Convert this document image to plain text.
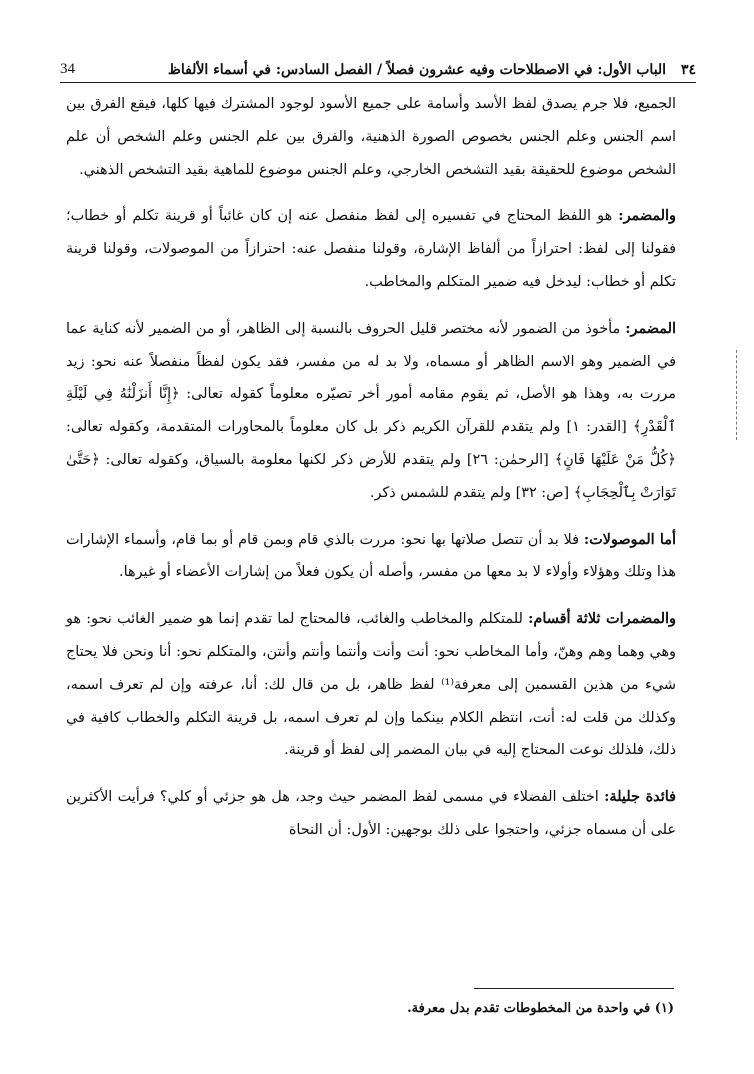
34	٣٤ الباب الأول: في الاصطلاحات وفيه عشرون فصلاً / الفصل السادس: في أسماء الألفاظ

الجميع، فلا جرم يصدق لفظ الأسد وأسامة على جميع الأسود لوجود المشترك فيها كلها، فيقع الفرق بين اسم الجنس وعلم الجنس بخصوص الصورة الذهنية، والفرق بين علم الجنس وعلم الشخص أن علم الشخص موضوع للحقيقة بقيد التشخص الخارجي، وعلم الجنس موضوع للماهية بقيد التشخص الذهني.

والمضمر: هو اللفظ المحتاج في تفسيره إلى لفظ منفصل عنه إن كان غائباً أو قرينة تكلم أو خطاب؛ فقولنا إلى لفظ: احترازاً من ألفاظ الإشارة، وقولنا منفصل عنه: احترازاً من الموصولات، وقولنا قرينة تكلم أو خطاب: ليدخل فيه ضمير المتكلم والمخاطب.

المضمر: مأخوذ من الضمور لأنه مختصر قليل الحروف بالنسبة إلى الظاهر، أو من الضمير لأنه كناية عما في الضمير وهو الاسم الظاهر أو مسماه، ولا بد له من مفسر، فقد يكون لفظاً منفصلاً عنه نحو: زيد مررت به، وهذا هو الأصل، ثم يقوم مقامه أمور أخر تصيّره معلوماً كقوله تعالى: ﴿إِنَّا أَنزَلْنَٰهُ فِي لَيْلَةِ ٱلْقَدْرِ﴾ [القدر: ١] ولم يتقدم للقرآن الكريم ذكر بل كان معلوماً بالمحاورات المتقدمة، وكقوله تعالى: ﴿كُلُّ مَنْ عَلَيْهَا فَانٍ﴾ [الرحمٰن: ٢٦] ولم يتقدم للأرض ذكر لكنها معلومة بالسياق، وكقوله تعالى: ﴿حَتَّىٰ تَوَارَتْ بِٱلْحِجَابِ﴾ [ص: ٣٢] ولم يتقدم للشمس ذكر.

أما الموصولات: فلا بد أن تتصل صلاتها بها نحو: مررت بالذي قام وبمن قام أو بما قام، وأسماء الإشارات هذا وتلك وهؤلاء وأولاء لا بد معها من مفسر، وأصله أن يكون فعلاً من إشارات الأعضاء أو غيرها.

والمضمرات ثلاثة أقسام: للمتكلم والمخاطب والغائب، فالمحتاج لما تقدم إنما هو ضمير الغائب نحو: هو وهي وهما وهم وهنّ، وأما المخاطب نحو: أنت وأنت وأنتما وأنتم وأنتن، والمتكلم نحو: أنا ونحن فلا يحتاج شيء من هذين القسمين إلى معرفة⁽¹⁾ لفظ ظاهر، بل من قال لك: أنا، عرفته وإن لم تعرف اسمه، وكذلك من قلت له: أنت، انتظم الكلام بينكما وإن لم تعرف اسمه، بل قرينة التكلم والخطاب كافية في ذلك، فلذلك نوعت المحتاج إليه في بيان المضمر إلى لفظ أو قرينة.

فائدة جليلة: اختلف الفضلاء في مسمى لفظ المضمر حيث وجد، هل هو جزئي أو كلي؟ فرأيت الأكثرين على أن مسماه جزئي، واحتجوا على ذلك بوجهين: الأول: أن النحاة

(١) في واحدة من المخطوطات تقدم بدل معرفة.
